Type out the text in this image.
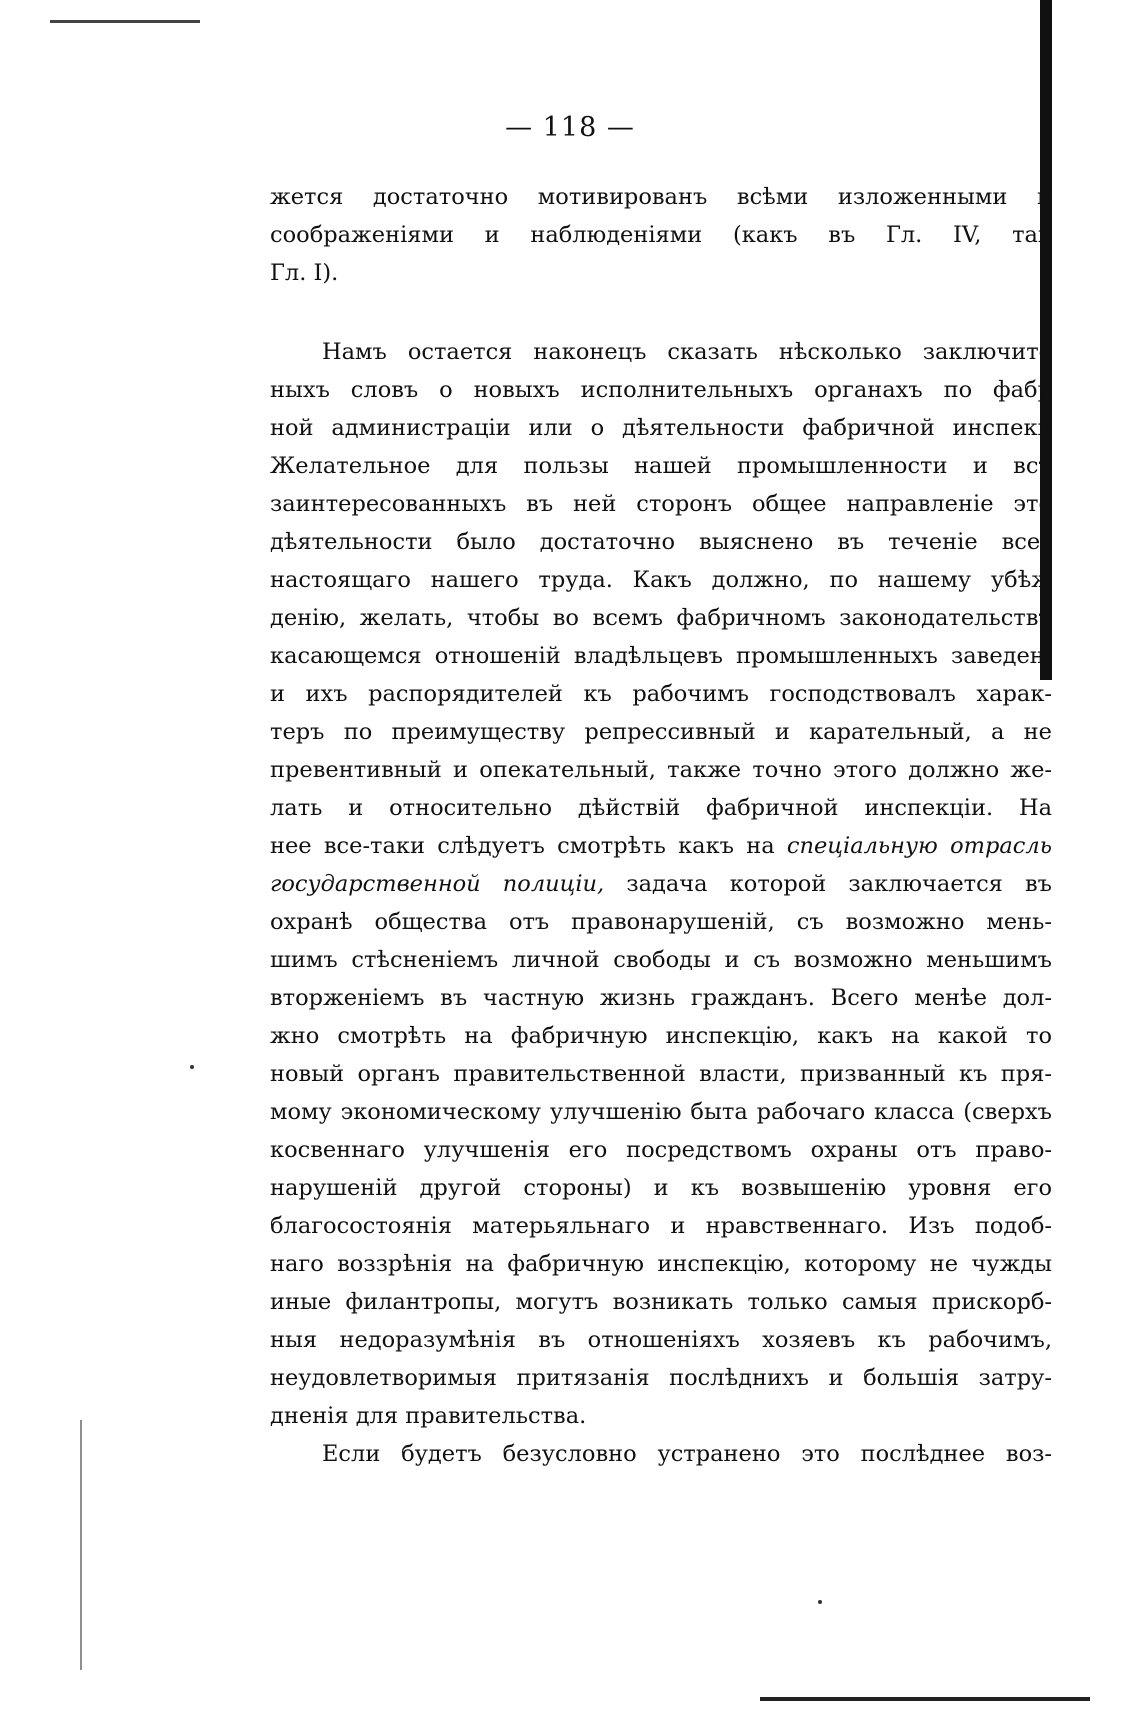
— 118 —
жется достаточно мотивированъ всѣми изложенными и
соображеніями и наблюденіями (какъ въ Гл. IV, так
Гл. I).
Намъ остается наконецъ сказать нѣсколько заключите
ныхъ словъ о новыхъ исполнительныхъ органахъ по фабр
ной администраціи или о дѣятельности фабричной инспекц
Желательное для пользы нашей промышленности и всѣ
заинтересованныхъ въ ней сторонъ общее направленіе это
дѣятельности было достаточно выяснено въ теченіе всег
настоящаго нашего труда. Какъ должно, по нашему убѣж
денію, желать, чтобы во всемъ фабричномъ законодательствѣ
касающемся отношеній владѣльцевъ промышленныхъ заведені
и ихъ распорядителей къ рабочимъ господствовалъ харак-
теръ по преимуществу репрессивный и карательный, а не
превентивный и опекательный, также точно этого должно же-
лать и относительно дѣйствій фабричной инспекціи. На
нее все-таки слѣдуетъ смотрѣть какъ на спеціальную отрасль
государственной полиціи, задача которой заключается въ
охранѣ общества отъ правонарушеній, съ возможно мень-
шимъ стѣсненіемъ личной свободы и съ возможно меньшимъ
вторженіемъ въ частную жизнь гражданъ. Всего менѣе дол-
жно смотрѣть на фабричную инспекцію, какъ на какой то
новый органъ правительственной власти, призванный къ пря-
мому экономическому улучшенію быта рабочаго класса (сверхъ
косвеннаго улучшенія его посредствомъ охраны отъ право-
нарушеній другой стороны) и къ возвышенію уровня его
благосостоянія матерьяльнаго и нравственнаго. Изъ подоб-
наго воззрѣнія на фабричную инспекцію, которому не чужды
иные филантропы, могутъ возникать только самыя прискорб-
ныя недоразумѣнія въ отношеніяхъ хозяевъ къ рабочимъ,
неудовлетворимыя притязанія послѣднихъ и большія затру-
дненія для правительства.
Если будетъ безусловно устранено это послѣднее воз-
